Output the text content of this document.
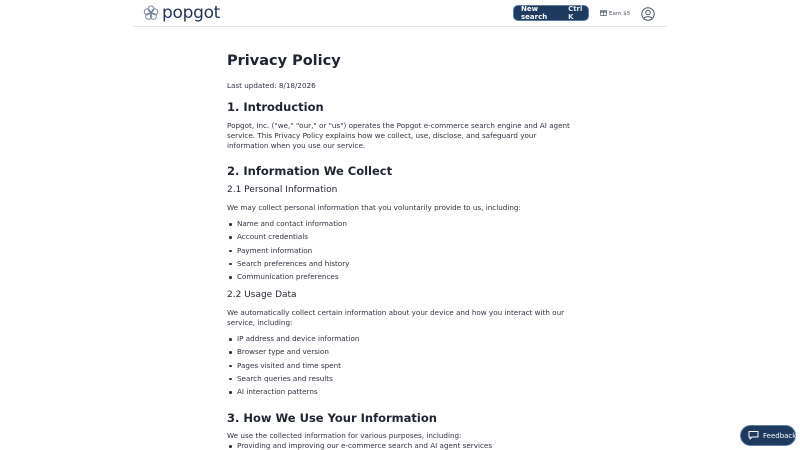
popgot	New search
Ctrl K	Earn $5
Privacy Policy

Last updated: 8/18/2026

1. Introduction

Popgot, Inc. ("we," "our," or "us") operates the Popgot e-commerce search engine and AI agent service. This Privacy Policy explains how we collect, use, disclose, and safeguard your information when you use our service.

2. Information We Collect
2.1 Personal Information

We may collect personal information that you voluntarily provide to us, including:

Name and contact information
Account credentials
Payment information
Search preferences and history
Communication preferences
2.2 Usage Data

We automatically collect certain information about your device and how you interact with our service, including:

IP address and device information
Browser type and version
Pages visited and time spent
Search queries and results
AI interaction patterns
3. How We Use Your Information

We use the collected information for various purposes, including:

Providing and improving our e-commerce search and AI agent services
Feedback
